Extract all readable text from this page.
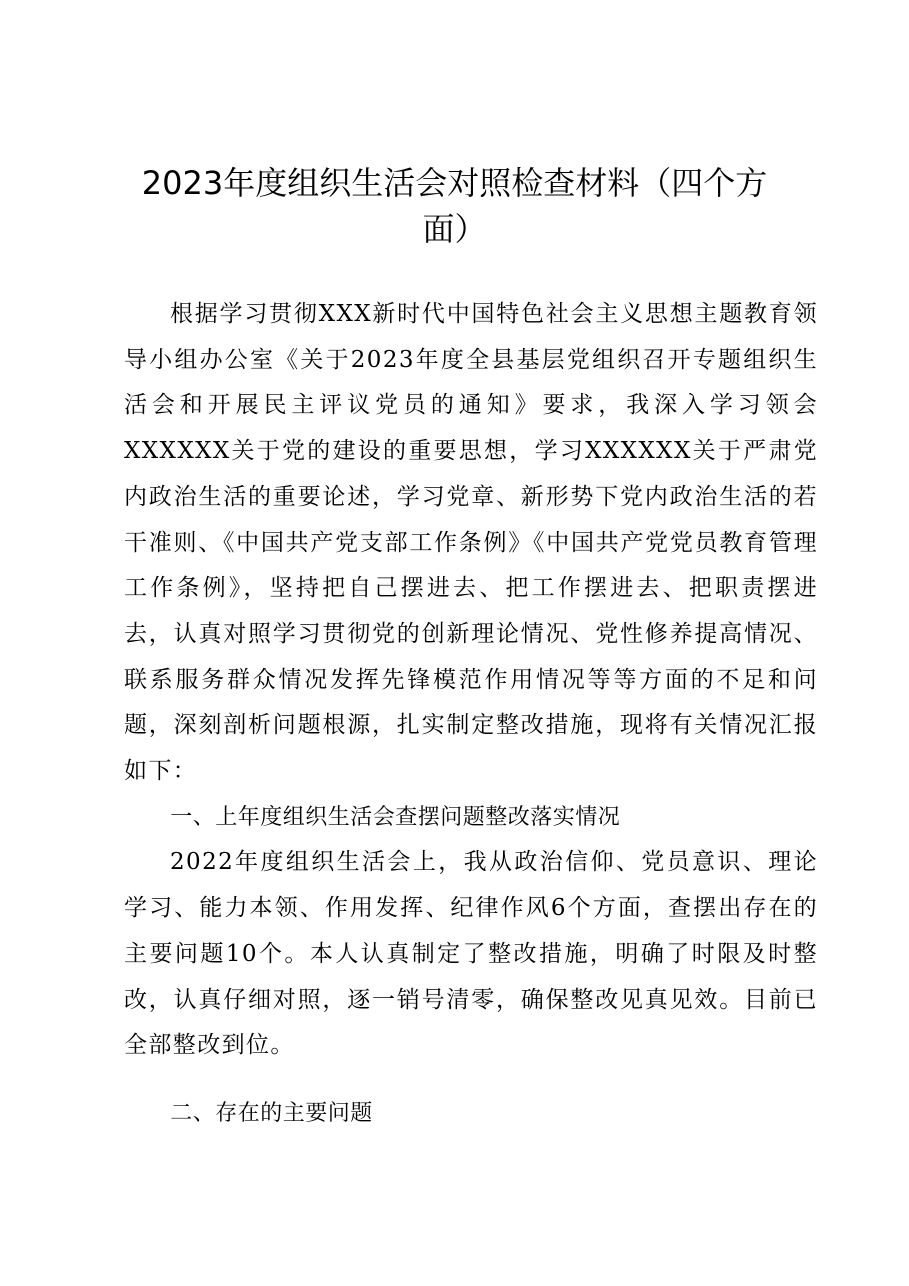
2023年度组织生活会对照检查材料（四个方
面）

根据学习贯彻XXX新时代中国特色社会主义思想主题教育领导小组办公室《关于2023年度全县基层党组织召开专题组织生活会和开展民主评议党员的通知》要求，我深入学习领会XXXXXX关于党的建设的重要思想，学习XXXXXX关于严肃党内政治生活的重要论述，学习党章、新形势下党内政治生活的若干准则、《中国共产党支部工作条例》《中国共产党党员教育管理工作条例》，坚持把自己摆进去、把工作摆进去、把职责摆进去，认真对照学习贯彻党的创新理论情况、党性修养提高情况、联系服务群众情况发挥先锋模范作用情况等等方面的不足和问题，深刻剖析问题根源，扎实制定整改措施，现将有关情况汇报如下：

一、上年度组织生活会查摆问题整改落实情况

2022年度组织生活会上，我从政治信仰、党员意识、理论学习、能力本领、作用发挥、纪律作风6个方面，查摆出存在的主要问题10个。本人认真制定了整改措施，明确了时限及时整改，认真仔细对照，逐一销号清零，确保整改见真见效。目前已全部整改到位。

二、存在的主要问题
